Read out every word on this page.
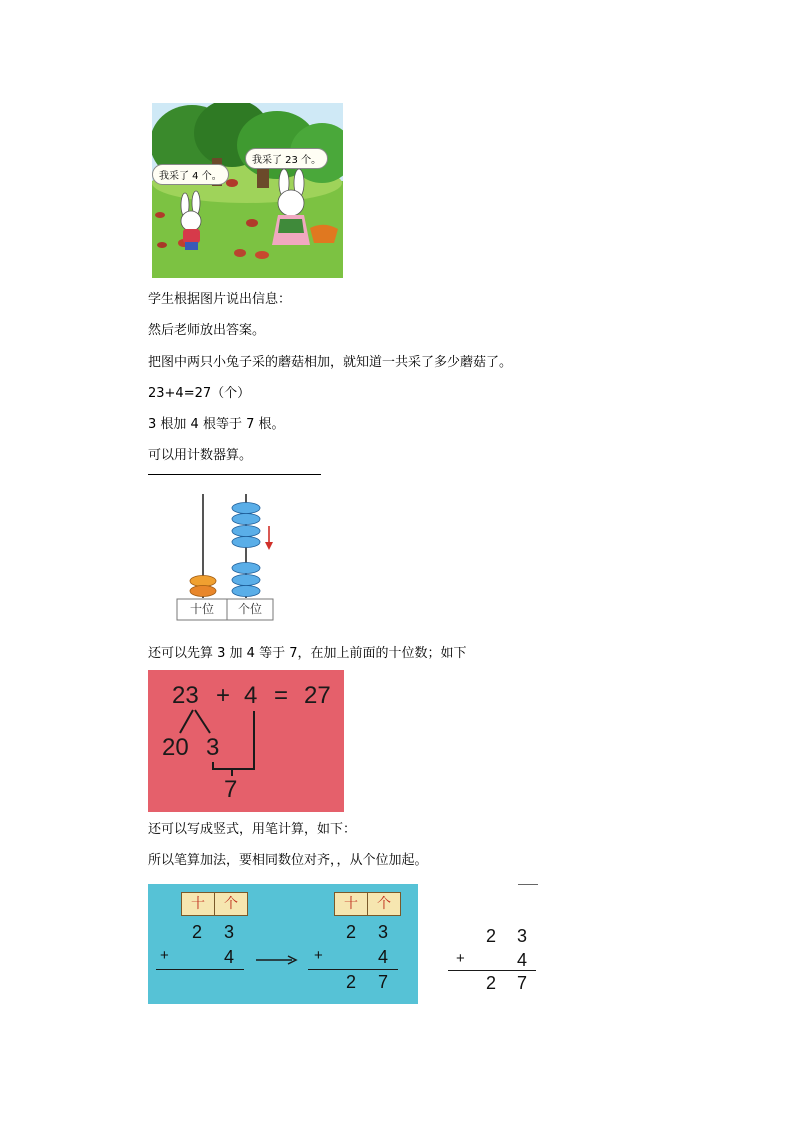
我采了 4 个。
我采了 23 个。
学生根据图片说出信息：
然后老师放出答案。
把图中两只小兔子采的蘑菇相加，就知道一共采了多少蘑菇了。
23+4=27（个）
3 根加 4 根等于 7 根。
可以用计数器算。
十位	个位
还可以先算 3 加 4 等于 7，在加上前面的十位数；如下
23 + 4 = 27
20 3
7
还可以写成竖式，用笔计算，如下：
所以笔算加法，要相同数位对齐，，从个位加起。
十	个
2 3
+	4
十	个
2 3
+	4
2 7
2 3
+	4
2 7
